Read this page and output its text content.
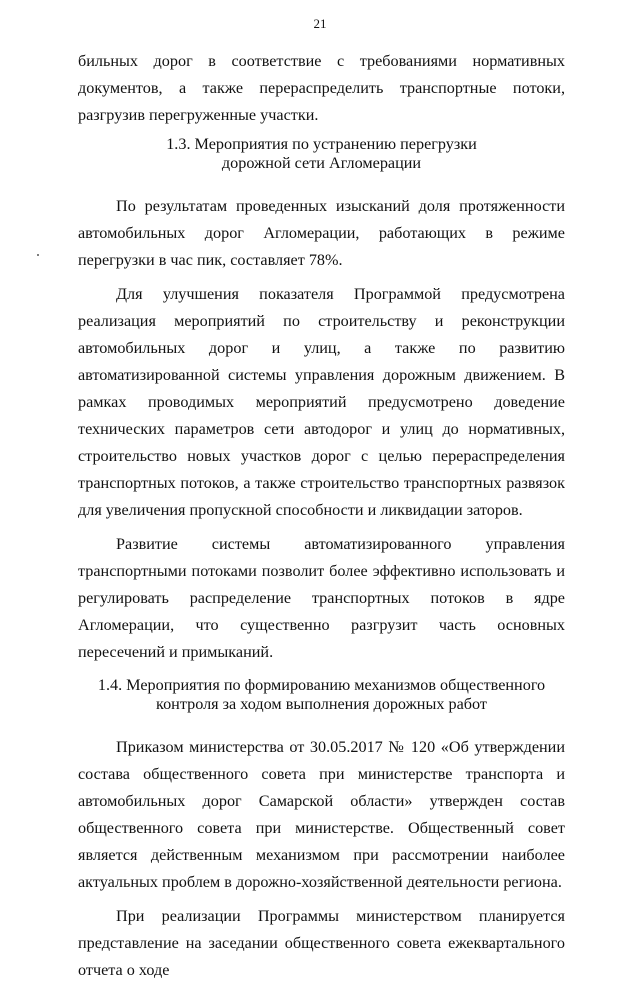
21

бильных дорог в соответствие с требованиями нормативных документов, а также перераспределить транспортные потоки, разгрузив перегруженные участки.

1.3. Мероприятия по устранению перегрузки
дорожной сети Агломерации

По результатам проведенных изысканий доля протяженности автомобильных дорог Агломерации, работающих в режиме перегрузки в час пик, составляет 78%.

Для улучшения показателя Программой предусмотрена реализация мероприятий по строительству и реконструкции автомобильных дорог и улиц, а также по развитию автоматизированной системы управления дорожным движением. В рамках проводимых мероприятий предусмотрено доведение технических параметров сети автодорог и улиц до нормативных, строительство новых участков дорог с целью перераспределения транспортных потоков, а также строительство транспортных развязок для увеличения пропускной способности и ликвидации заторов.

Развитие системы автоматизированного управления транспортными потоками позволит более эффективно использовать и регулировать распределение транспортных потоков в ядре Агломерации, что существенно разгрузит часть основных пересечений и примыканий.

1.4. Мероприятия по формированию механизмов общественного
контроля за ходом выполнения дорожных работ

Приказом министерства от 30.05.2017 № 120 «Об утверждении состава общественного совета при министерстве транспорта и автомобильных дорог Самарской области» утвержден состав общественного совета при министерстве. Общественный совет является действенным механизмом при рассмотрении наиболее актуальных проблем в дорожно-хозяйственной деятельности региона.

При реализации Программы министерством планируется представление на заседании общественного совета ежеквартального отчета о ходе
